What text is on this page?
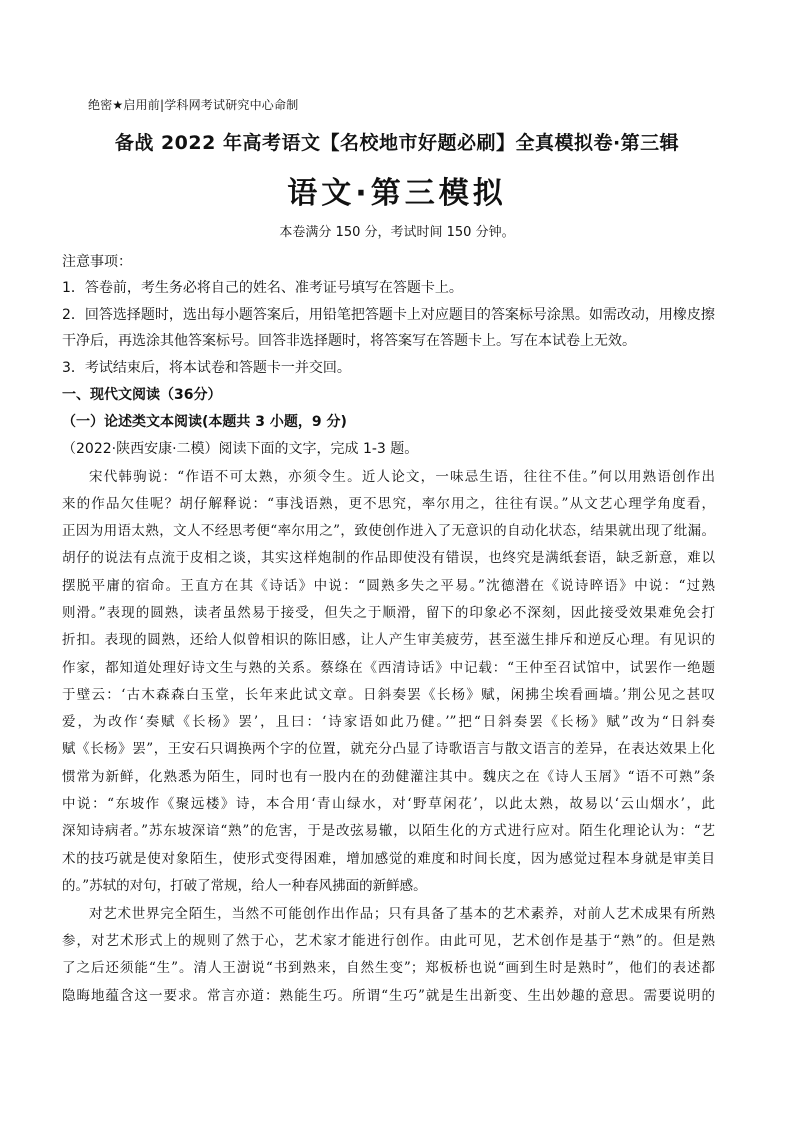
绝密★启用前|学科网考试研究中心命制
备战 2022 年高考语文【名校地市好题必刷】全真模拟卷·第三辑
语文·第三模拟
本卷满分 150 分，考试时间 150 分钟。
注意事项：
1．答卷前，考生务必将自己的姓名、准考证号填写在答题卡上。
2．回答选择题时，选出每小题答案后，用铅笔把答题卡上对应题目的答案标号涂黑。如需改动，用橡皮擦
干净后，再选涂其他答案标号。回答非选择题时，将答案写在答题卡上。写在本试卷上无效。
3．考试结束后，将本试卷和答题卡一并交回。
一、现代文阅读（36分）
（一）论述类文本阅读(本题共 3 小题，9 分)
（2022·陕西安康·二模）阅读下面的文字，完成 1-3 题。
宋代韩驹说：“作语不可太熟，亦须令生。近人论文，一味忌生语，往往不佳。”何以用熟语创作出
来的作品欠佳呢？胡仔解释说：“事浅语熟，更不思究，率尔用之，往往有误。”从文艺心理学角度看，
正因为用语太熟，文人不经思考便“率尔用之”，致使创作进入了无意识的自动化状态，结果就出现了纰漏。
胡仔的说法有点流于皮相之谈，其实这样炮制的作品即使没有错误，也终究是满纸套语，缺乏新意，难以
摆脱平庸的宿命。王直方在其《诗话》中说：“圆熟多失之平易。”沈德潜在《说诗晬语》中说：“过熟
则滑。”表现的圆熟，读者虽然易于接受，但失之于顺滑，留下的印象必不深刻，因此接受效果难免会打
折扣。表现的圆熟，还给人似曾相识的陈旧感，让人产生审美疲劳，甚至滋生排斥和逆反心理。有见识的
作家，都知道处理好诗文生与熟的关系。蔡绦在《西清诗话》中记载：“王仲至召试馆中，试罢作一绝题
于壁云：‘古木森森白玉堂，长年来此试文章。日斜奏罢《长杨》赋，闲拂尘埃看画墙。’荆公见之甚叹
爱，为改作‘奏赋《长杨》罢’，且曰：‘诗家语如此乃健。’”把“日斜奏罢《长杨》赋”改为“日斜奏
赋《长杨》罢”，王安石只调换两个字的位置，就充分凸显了诗歌语言与散文语言的差异，在表达效果上化
惯常为新鲜，化熟悉为陌生，同时也有一股内在的劲健灌注其中。魏庆之在《诗人玉屑》“语不可熟”条
中说：“东坡作《聚远楼》诗，本合用‘青山绿水，对‘野草闲花’，以此太熟，故易以‘云山烟水’，此
深知诗病者。”苏东坡深谙“熟”的危害，于是改弦易辙，以陌生化的方式进行应对。陌生化理论认为：“艺
术的技巧就是使对象陌生，使形式变得困难，增加感觉的难度和时间长度，因为感觉过程本身就是审美目
的。”苏轼的对句，打破了常规，给人一种春风拂面的新鲜感。
对艺术世界完全陌生，当然不可能创作出作品；只有具备了基本的艺术素养，对前人艺术成果有所熟
参，对艺术形式上的规则了然于心，艺术家才能进行创作。由此可见，艺术创作是基于“熟”的。但是熟
了之后还须能“生”。清人王澍说“书到熟来，自然生变”；郑板桥也说“画到生时是熟时”，他们的表述都
隐晦地蕴含这一要求。常言亦道：熟能生巧。所谓“生巧”就是生出新变、生出妙趣的意思。需要说明的
